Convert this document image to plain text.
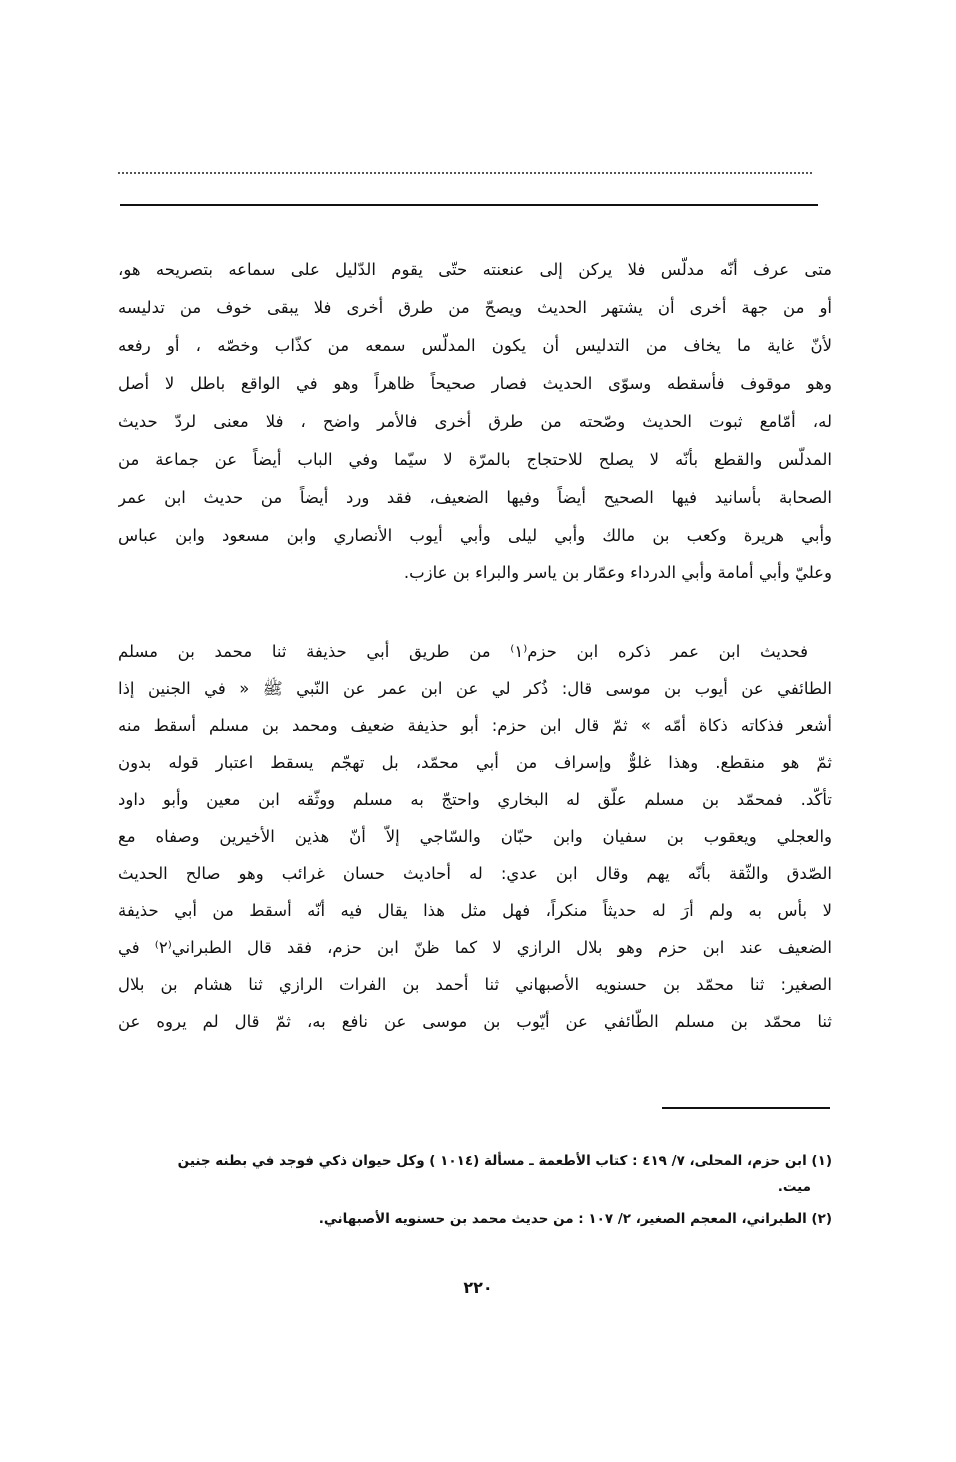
متى عرف أنّه مدلّس فلا يركن إلى عنعنته حتّى يقوم الدّليل على سماعه بتصريحه هو،
أو من جهة أخرى أن يشتهر الحديث ويصحّ من طرق أخرى فلا يبقى خوف من تدليسه
لأنّ غاية ما يخاف من التدليس أن يكون المدلّس سمعه من كذّاب وخصّه ، أو رفعه
وهو موقوف فأسقطه وسوّى الحديث فصار صحيحاً ظاهراً وهو في الواقع باطل لا أصل
له، أمّامع ثبوت الحديث وصّحته من طرق أخرى فالأمر واضح ، فلا معنى لردّ حديث
المدلّس والقطع بأنّه لا يصلح للاحتجاج بالمرّة لا سيّما وفي الباب أيضاً عن جماعة من
الصحابة بأسانيد فيها الصحيح أيضاً وفيها الضعيف، فقد ورد أيضاً من حديث ابن عمر
وأبي هريرة وكعب بن مالك وأبي ليلى وأبي أيوب الأنصاري وابن مسعود وابن عباس
وعليّ وأبي أمامة وأبي الدرداء وعمّار بن ياسر والبراء بن عازب.
فحديث ابن عمر ذكره ابن حزم⁽١⁾ من طريق أبي حذيفة ثنا محمد بن مسلم
الطائفي عن أيوب بن موسى قال: ذُكر لي عن ابن عمر عن النّبي ﷺ « في الجنين إذا
أشعر فذكاته ذكاة أمّه » ثمّ قال ابن حزم: أبو حذيفة ضعيف ومحمد بن مسلم أسقط منه
ثمّ هو منقطع. وهذا غلوٌّ وإسراف من أبي محمّد، بل تهجّم يسقط اعتبار قوله بدون
تأكّد. فمحمّد بن مسلم علّق له البخاري واحتجّ به مسلم ووثّقه ابن معين وأبو داود
والعجلي ويعقوب بن سفيان وابن حبّان والسّاجي إلاّ أنّ هذين الأخيرين وصفاه مع
الصّدق والثّقة بأنّه يهم وقال ابن عدي: له أحاديث حسان غرائب وهو صالح الحديث
لا بأس به ولم أرَ له حديثاً منكراً، فهل مثل هذا يقال فيه أنّه أسقط من أبي حذيفة
الضعيف عند ابن حزم وهو بلال الرازي لا كما ظنّ ابن حزم، فقد قال الطبراني⁽٢⁾ في
الصغير: ثنا محمّد بن حسنويه الأصبهاني ثنا أحمد بن الفرات الرازي ثنا هشام بن بلال
ثنا محمّد بن مسلم الطّائفي عن أيّوب بن موسى عن نافع به، ثمّ قال لم يروه عن
(١) ابن حزم، المحلى، ٧/ ٤١٩ : كتاب الأطعمة ـ مسألة (١٠١٤ ) وكل حيوان ذكي فوجد في بطنه جنين
ميت.
(٢) الطبراني، المعجم الصغير، ٢/ ١٠٧ : من حديث محمد بن حسنويه الأصبهاني.
٢٢٠
